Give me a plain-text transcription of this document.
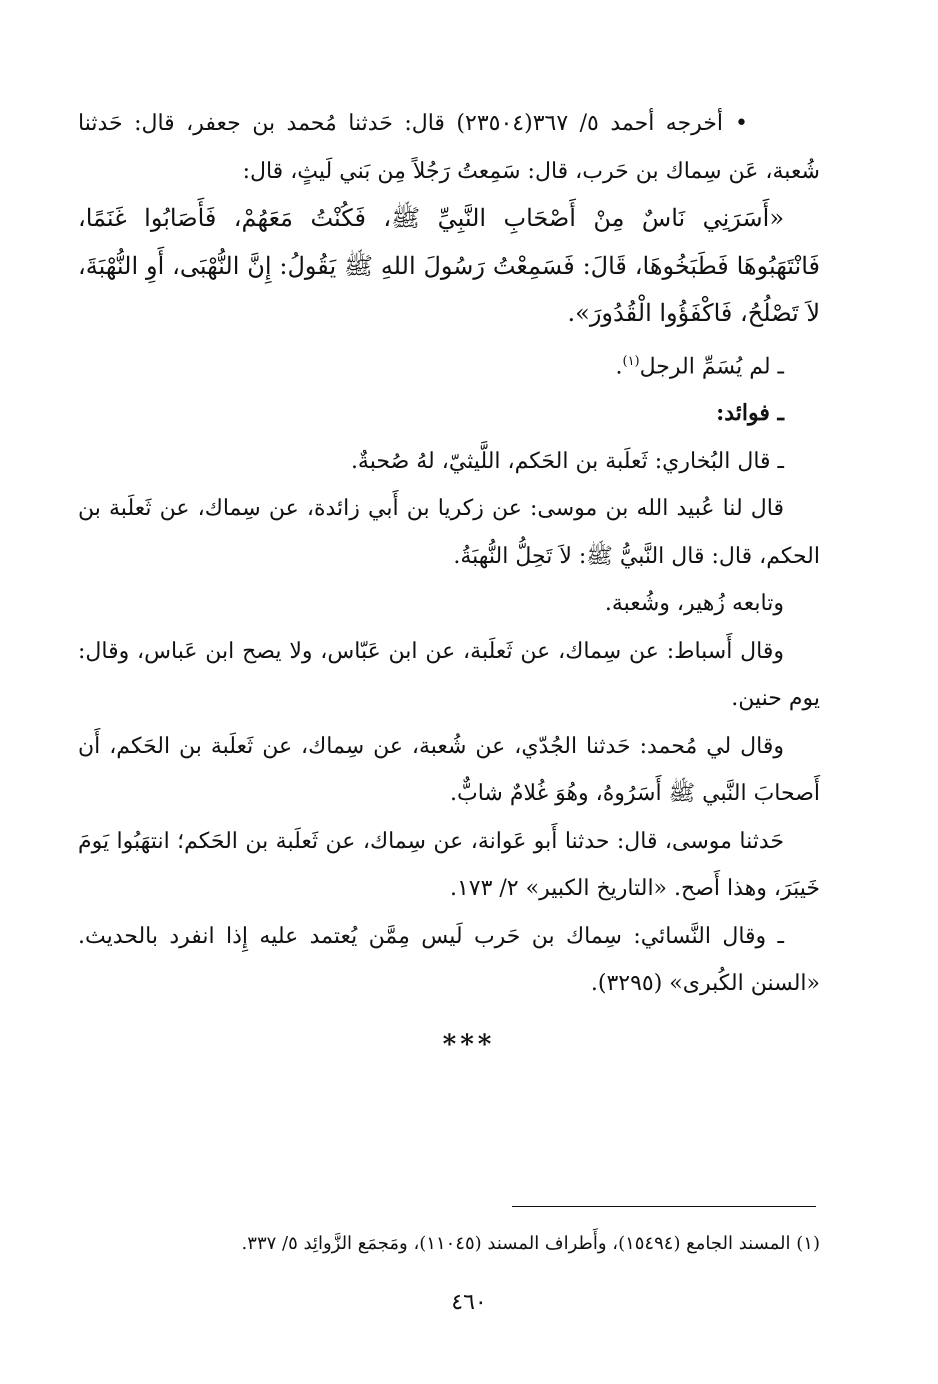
•أخرجه أحمد ٥/ ٣٦٧(٢٣٥٠٤) قال: حَدثنا مُحمد بن جعفر، قال: حَدثنا شُعبة، عَن سِماك بن حَرب، قال: سَمِعتُ رَجُلاً مِن بَني لَيثٍ، قال:

«أَسَرَنِي نَاسٌ مِنْ أَصْحَابِ النَّبِيِّ ﷺ، فَكُنْتُ مَعَهُمْ، فَأَصَابُوا غَنَمًا، فَانْتَهَبُوهَا فَطَبَخُوهَا، قَالَ: فَسَمِعْتُ رَسُولَ اللهِ ﷺ يَقُولُ: إِنَّ النُّهْبَى، أَوِ النُّهْبَةَ، لاَ تَصْلُحُ، فَاكْفَؤُوا الْقُدُورَ».

ـ لم يُسَمِّ الرجل$^{(١)}$.

ـ فوائد:

ـ قال البُخاري: ثَعلَبة بن الحَكم، اللَّيثيّ، لهُ صُحبةٌ.

قال لنا عُبيد الله بن موسى: عن زكريا بن أَبي زائدة، عن سِماك، عن ثَعلَبة بن الحكم، قال: قال النَّبيُّ ﷺ: لاَ تَحِلُّ النُّهبَةُ.

وتابعه زُهير، وشُعبة.

وقال أَسباط: عن سِماك، عن ثَعلَبة، عن ابن عَبّاس، ولا يصح ابن عَباس، وقال: يوم حنين.

وقال لي مُحمد: حَدثنا الجُدّي، عن شُعبة، عن سِماك، عن ثَعلَبة بن الحَكم، أَن أَصحابَ النَّبي ﷺ أَسَرُوهُ، وهُوَ غُلامٌ شابٌّ.

حَدثنا موسى، قال: حدثنا أَبو عَوانة، عن سِماك، عن ثَعلَبة بن الحَكم؛ انتهَبُوا يَومَ خَيبَرَ، وهذا أَصح. «التاريخ الكبير» ٢/ ١٧٣.

ـ وقال النَّسائي: سِماك بن حَرب لَيس مِمَّن يُعتمد عليه إِذا انفرد بالحديث. «السنن الكُبرى» (٣٢٩٥).

***
(١) المسند الجامع (١٥٤٩٤)، وأَطراف المسند (١١٠٤٥)، ومَجمَع الزَّوائِد ٥/ ٣٣٧.
٤٦٠
